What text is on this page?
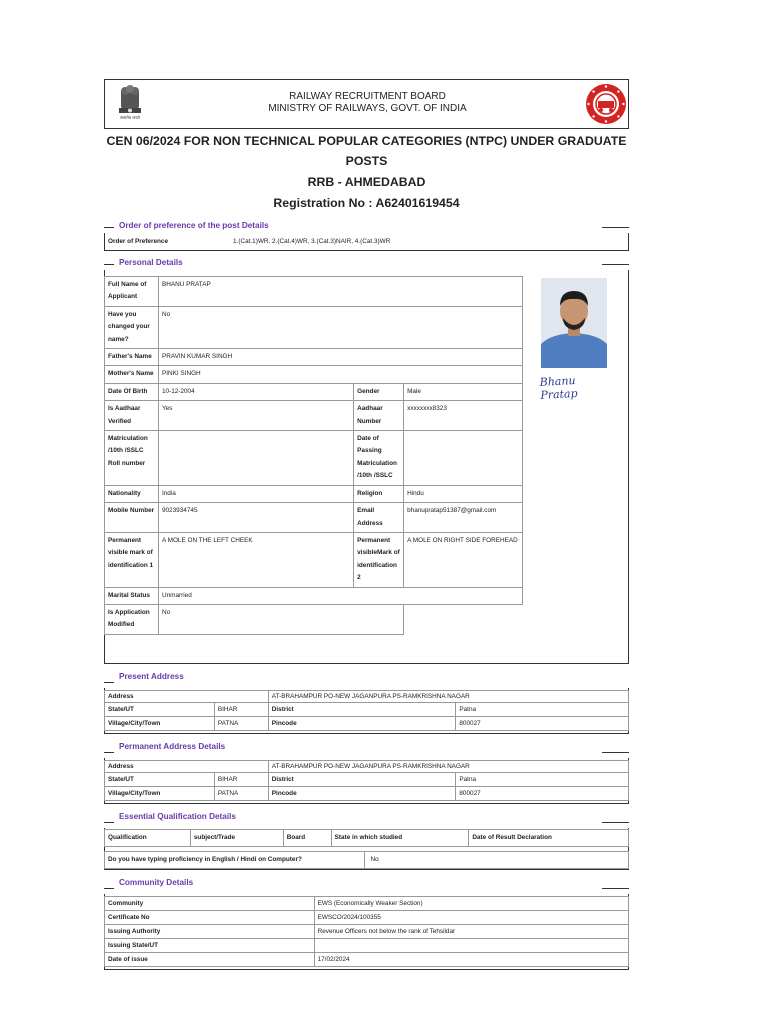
सत्यमेव जयते
RAILWAY RECRUITMENT BOARD
MINISTRY OF RAILWAYS, GOVT. OF INDIA
CEN 06/2024 FOR NON TECHNICAL POPULAR CATEGORIES (NTPC) UNDER GRADUATE
POSTS
RRB - AHMEDABAD
Registration No : A62401619454
Order of preference of the post Details
Order of Preference	1.(Cat.1)WR, 2.(Cat.4)WR, 3.(Cat.3)NAIR, 4.(Cat.3)WR
Personal Details
Full Name of Applicant	BHANU PRATAP		
Have you changed your name?	No		
Father's Name	PRAVIN KUMAR SINGH		
Mother's Name	PINKI SINGH		
Date Of Birth	10-12-2004	Gender	Male
Is Aadhaar Verified	Yes	Aadhaar Number	xxxxxxxx8323
Matriculation /10th /SSLC Roll number		Date of Passing Matriculation /10th /SSLC	
Nationality	India	Religion	Hindu
Mobile Number	9023934745	Email Address	bhanupratap51387@gmail.com
Permanent visible mark of identification 1	A MOLE ON THE LEFT CHEEK	Permanent visibleMark of identification 2	A MOLE ON RIGHT SIDE FOREHEAD
Marital Status	Unmarried		
Is Application Modified	No		
Bhanu Pratap
Present Address
Address		AT-BRAHAMPUR PO-NEW JAGANPURA PS-RAMKRISHNA NAGAR	
State/UT	BIHAR	District	Patna
Village/City/Town	PATNA	Pincode	800027
Permanent Address Details
Address		AT-BRAHAMPUR PO-NEW JAGANPURA PS-RAMKRISHNA NAGAR	
State/UT	BIHAR	District	Patna
Village/City/Town	PATNA	Pincode	800027
Essential Qualification Details
Qualification	subject/Trade	Board	State in which studied	Date of Result Declaration
Do you have typing proficiency in English / Hindi on Computer?	No
Community Details
Community	EWS (Economically Weaker Section)
Certificate No	EWSCO/2024/100355
Issuing Authority	Revenue Officers not below the rank of Tehsildar
Issuing State/UT	
Date of issue	17/02/2024
